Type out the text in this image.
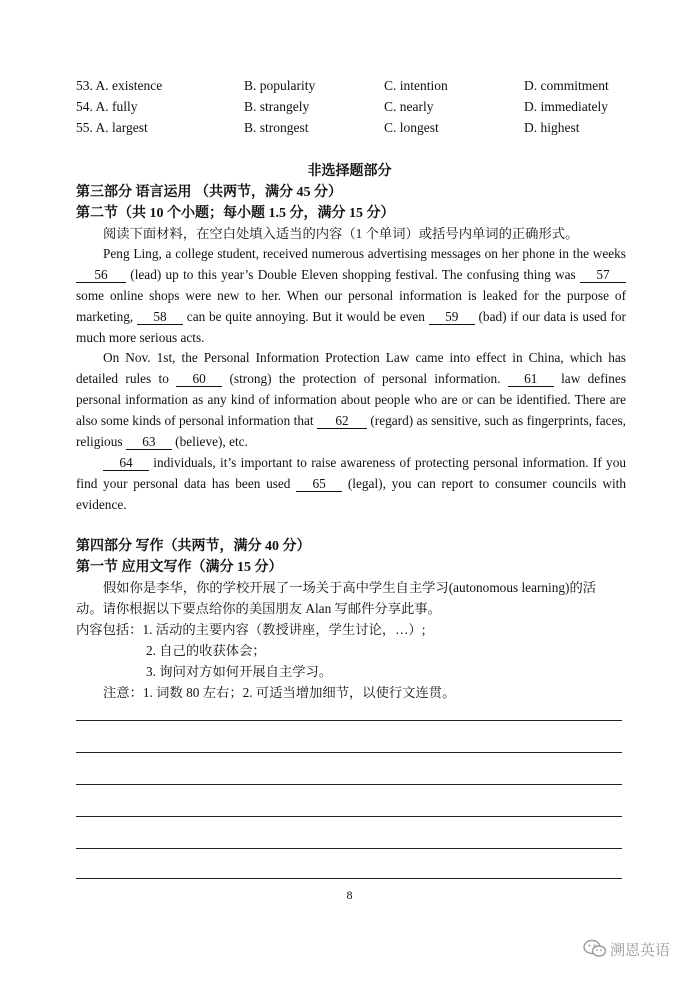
53. A. existence	B. popularity	C. intention	D. commitment
54. A. fully	B. strangely	C. nearly	D. immediately
55. A. largest	B. strongest	C. longest	D. highest
非选择题部分
第三部分 语言运用 （共两节，满分 45 分）
第二节（共 10 个小题；每小题 1.5 分，满分 15 分）
阅读下面材料，在空白处填入适当的内容（1 个单词）或括号内单词的正确形式。

Peng Ling, a college student, received numerous advertising messages on her phone in the weeks 56 (lead) up to this year’s Double Eleven shopping festival. The confusing thing was 57 some online shops were new to her. When our personal information is leaked for the purpose of marketing, 58 can be quite annoying. But it would be even 59 (bad) if our data is used for much more serious acts.

On Nov. 1st, the Personal Information Protection Law came into effect in China, which has detailed rules to 60 (strong) the protection of personal information. 61 law defines personal information as any kind of information about people who are or can be identified. There are also some kinds of personal information that 62 (regard) as sensitive, such as fingerprints, faces, religious 63 (believe), etc.

64 individuals, it’s important to raise awareness of protecting personal information. If you find your personal data has been used 65 (legal), you can report to consumer councils with evidence.

第四部分 写作（共两节，满分 40 分）
第一节 应用文写作（满分 15 分）
假如你是李华，你的学校开展了一场关于高中学生自主学习(autonomous learning)的活
动。请你根据以下要点给你的美国朋友 Alan 写邮件分享此事。
内容包括：1. 活动的主要内容（教授讲座，学生讨论，…）;
2. 自己的收获体会；
3. 询问对方如何开展自主学习。
注意：1. 词数 80 左右；2. 可适当增加细节，以使行文连贯。
8
溯恩英语
